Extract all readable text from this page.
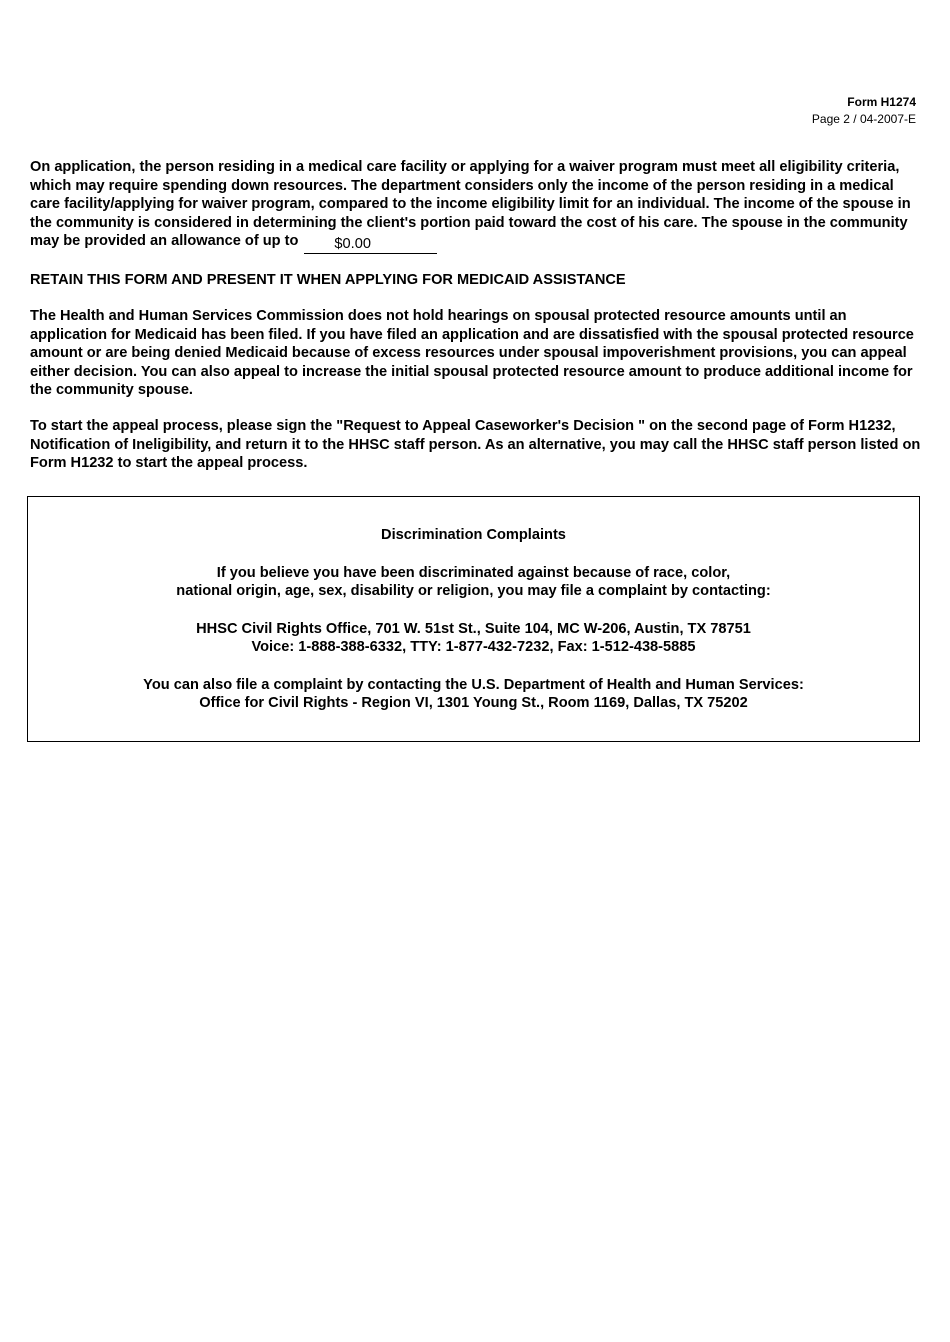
Form H1274
Page 2 / 04-2007-E

On application, the person residing in a medical care facility or applying for a waiver program must meet all eligibility criteria, which may require spending down resources. The department considers only the income of the person residing in a medical care facility/applying for waiver program, compared to the income eligibility limit for an individual. The income of the spouse in the community is considered in determining the client's portion paid toward the cost of his care. The spouse in the community may be provided an allowance of up to$0.00

RETAIN THIS FORM AND PRESENT IT WHEN APPLYING FOR MEDICAID ASSISTANCE

The Health and Human Services Commission does not hold hearings on spousal protected resource amounts until an application for Medicaid has been filed. If you have filed an application and are dissatisfied with the spousal protected resource amount or are being denied Medicaid because of excess resources under spousal impoverishment provisions, you can appeal either decision. You can also appeal to increase the initial spousal protected resource amount to produce additional income for the community spouse.

To start the appeal process, please sign the "Request to Appeal Caseworker's Decision " on the second page of Form H1232, Notification of Ineligibility, and return it to the HHSC staff person. As an alternative, you may call the HHSC staff person listed on Form H1232 to start the appeal process.

Discrimination Complaints
If you believe you have been discriminated against because of race, color,
national origin, age, sex, disability or religion, you may file a complaint by contacting:
HHSC Civil Rights Office, 701 W. 51st St., Suite 104, MC W-206, Austin, TX 78751
Voice: 1-888-388-6332, TTY: 1-877-432-7232, Fax: 1-512-438-5885
You can also file a complaint by contacting the U.S. Department of Health and Human Services:
Office for Civil Rights - Region VI, 1301 Young St., Room 1169, Dallas, TX 75202
